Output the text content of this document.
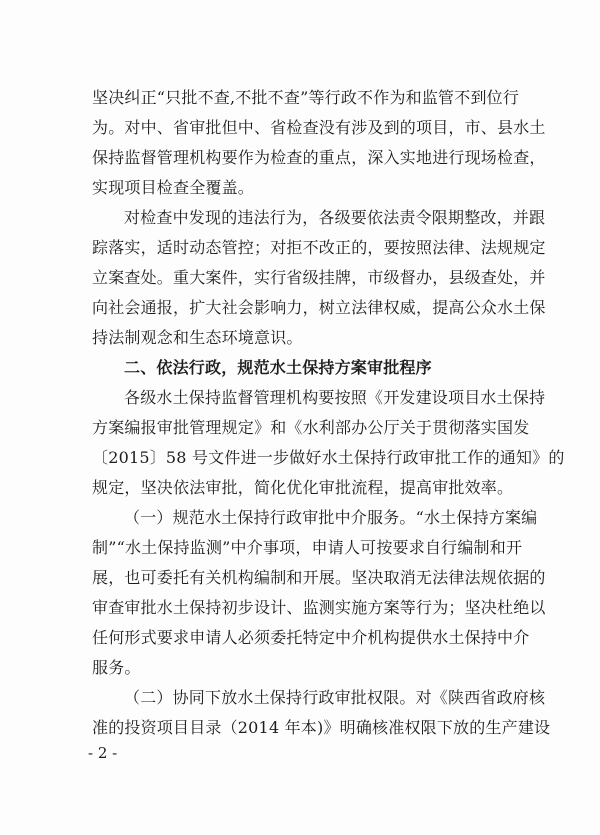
坚决纠正“只批不查,不批不查”等行政不作为和监管不到位行
为。对中、省审批但中、省检查没有涉及到的项目，市、县水土
保持监督管理机构要作为检查的重点，深入实地进行现场检查，
实现项目检查全覆盖。
对检查中发现的违法行为，各级要依法责令限期整改，并跟
踪落实，适时动态管控；对拒不改正的，要按照法律、法规规定
立案查处。重大案件，实行省级挂牌，市级督办，县级查处，并
向社会通报，扩大社会影响力，树立法律权威，提高公众水土保
持法制观念和生态环境意识。
二、依法行政，规范水土保持方案审批程序
各级水土保持监督管理机构要按照《开发建设项目水土保持
方案编报审批管理规定》和《水利部办公厅关于贯彻落实国发
〔2015〕58 号文件进一步做好水土保持行政审批工作的通知》的
规定，坚决依法审批，简化优化审批流程，提高审批效率。
（一）规范水土保持行政审批中介服务。“水土保持方案编
制”“水土保持监测”中介事项，申请人可按要求自行编制和开
展，也可委托有关机构编制和开展。坚决取消无法律法规依据的
审查审批水土保持初步设计、监测实施方案等行为；坚决杜绝以
任何形式要求申请人必须委托特定中介机构提供水土保持中介
服务。
（二）协同下放水土保持行政审批权限。对《陕西省政府核
准的投资项目目录（2014 年本)》明确核准权限下放的生产建设
- 2 -
